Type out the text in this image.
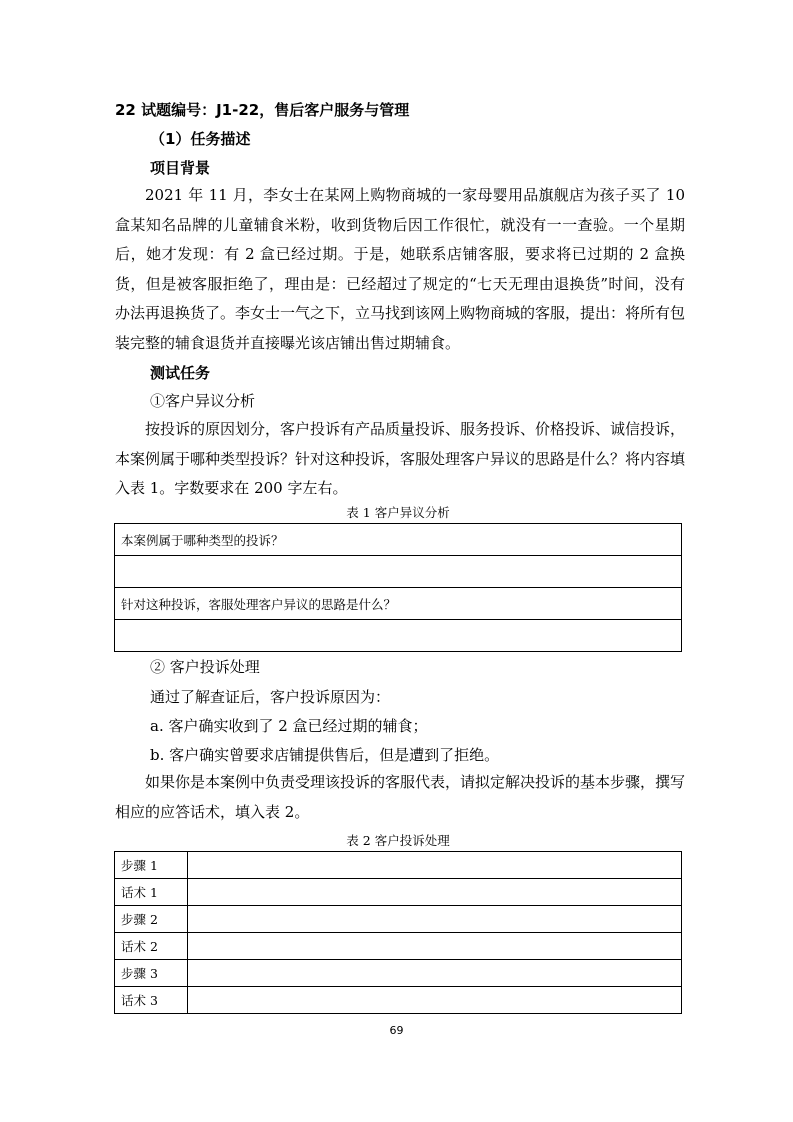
22 试题编号：J1-22，售后客户服务与管理
（1）任务描述
项目背景

2021 年 11 月，李女士在某网上购物商城的一家母婴用品旗舰店为孩子买了 10 盒某知名品牌的儿童辅食米粉，收到货物后因工作很忙，就没有一一查验。一个星期后，她才发现：有 2 盒已经过期。于是，她联系店铺客服，要求将已过期的 2 盒换货，但是被客服拒绝了，理由是：已经超过了规定的“七天无理由退换货”时间，没有办法再退换货了。李女士一气之下，立马找到该网上购物商城的客服，提出：将所有包装完整的辅食退货并直接曝光该店铺出售过期辅食。

测试任务
①客户异议分析

按投诉的原因划分，客户投诉有产品质量投诉、服务投诉、价格投诉、诚信投诉，本案例属于哪种类型投诉？针对这种投诉，客服处理客户异议的思路是什么？将内容填入表 1。字数要求在 200 字左右。

表 1 客户异议分析
本案例属于哪种类型的投诉？

针对这种投诉，客服处理客户异议的思路是什么？

② 客户投诉处理
通过了解查证后，客户投诉原因为：
a. 客户确实收到了 2 盒已经过期的辅食；
b. 客户确实曾要求店铺提供售后，但是遭到了拒绝。

如果你是本案例中负责受理该投诉的客服代表，请拟定解决投诉的基本步骤，撰写相应的应答话术，填入表 2。

表 2 客户投诉处理
步骤 1	
话术 1	
步骤 2	
话术 2	
步骤 3	
话术 3	
69
